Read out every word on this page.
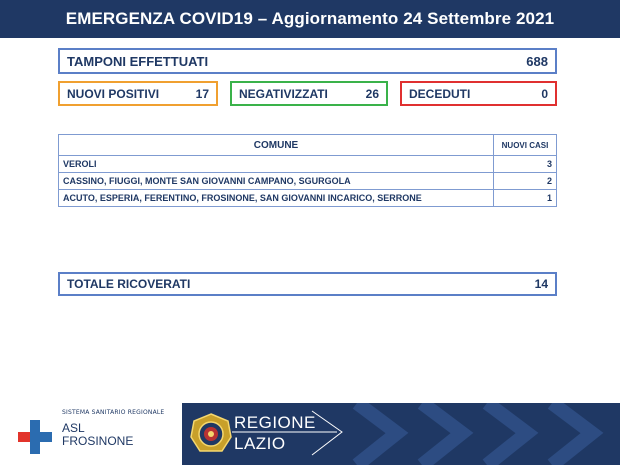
EMERGENZA COVID19 – Aggiornamento 24 Settembre 2021
TAMPONI EFFETTUATI	688
NUOVI POSITIVI	17	NEGATIVIZZATI	26	DECEDUTI	0
COMUNE	NUOVI CASI
VEROLI	3
CASSINO, FIUGGI, MONTE SAN GIOVANNI CAMPANO, SGURGOLA	2
ACUTO, ESPERIA, FERENTINO, FROSINONE, SAN GIOVANNI INCARICO, SERRONE	1
TOTALE RICOVERATI	14
SISTEMA SANITARIO REGIONALE
ASL
FROSINONE
REGIONE
LAZIO
